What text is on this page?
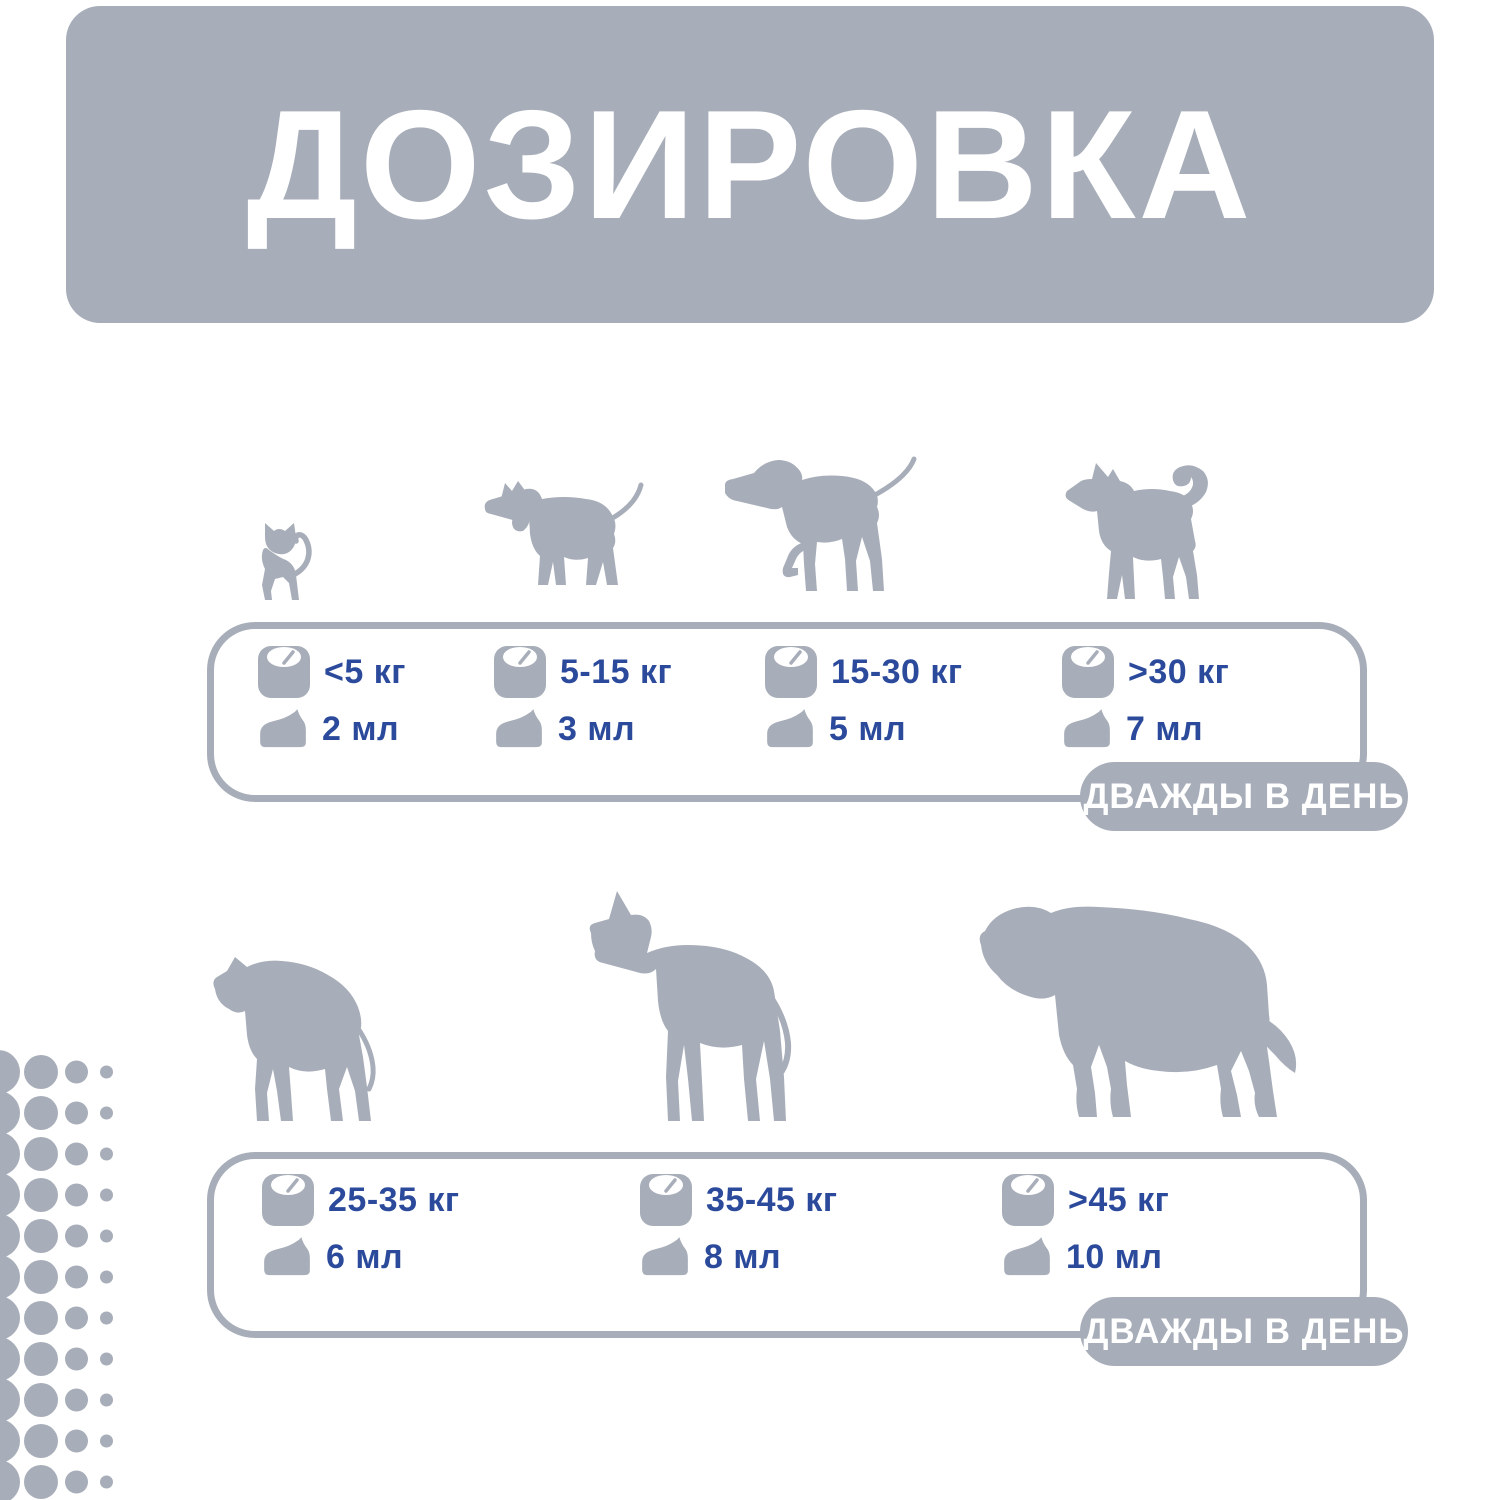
ДОЗИРОВКА
<5 кг
2 мл
5-15 кг
3 мл
15-30 кг
5 мл
>30 кг
7 мл
ДВАЖДЫ В ДЕНЬ
25-35 кг
6 мл
35-45 кг
8 мл
>45 кг
10 мл
ДВАЖДЫ В ДЕНЬ
